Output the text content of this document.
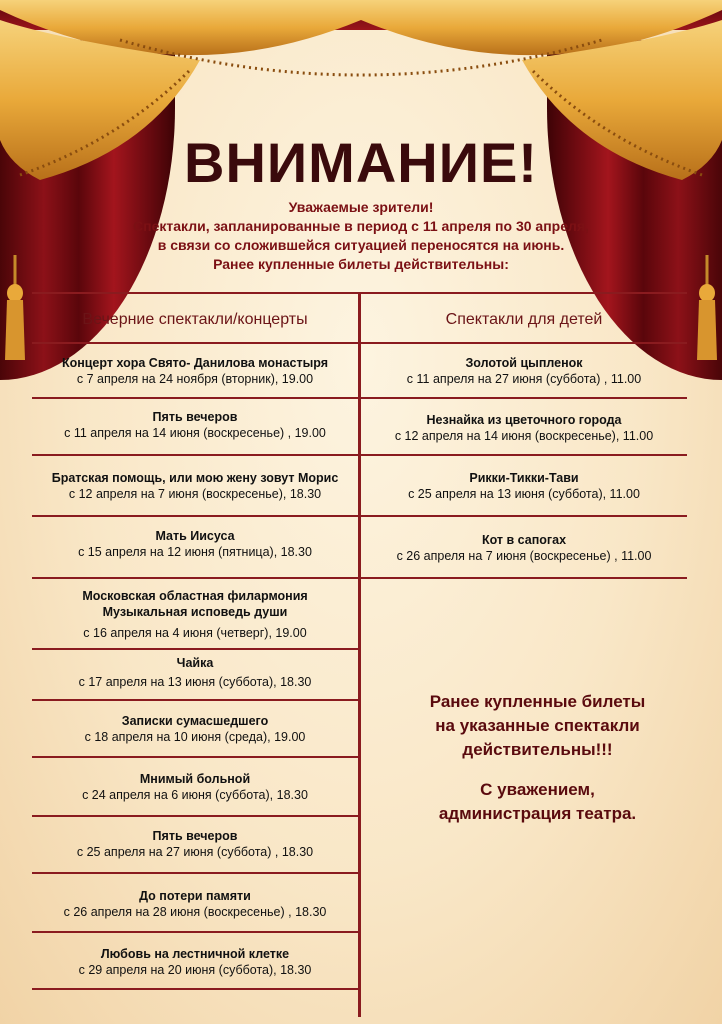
ВНИМАНИЕ!
Уважаемые зрители!
Спектакли, запланированные в период с 11 апреля по 30 апреля,
в связи со сложившейся ситуацией переносятся на июнь.
Ранее купленные билеты действительны:
Вечерние спектакли/концерты	Спектакли для детей
Концерт хора Свято- Данилова монастыря
с 7 апреля на 24 ноября (вторник), 19.00
Пять вечеров
с 11 апреля на 14 июня (воскресенье) , 19.00
Братская помощь, или мою жену зовут Морис
с 12 апреля на 7 июня (воскресенье), 18.30
Мать Иисуса
с 15 апреля на 12 июня (пятница), 18.30
Московская областная филармония
Музыкальная исповедь души
с 16 апреля на 4 июня (четверг), 19.00
Чайка
с 17 апреля на 13 июня (суббота), 18.30
Записки сумасшедшего
с 18 апреля на 10 июня (среда), 19.00
Мнимый больной
с 24 апреля на 6 июня (суббота), 18.30
Пять вечеров
с 25 апреля на 27 июня (суббота) , 18.30
До потери памяти
с 26 апреля на 28 июня (воскресенье) , 18.30
Любовь на лестничной клетке
с 29 апреля на 20 июня (суббота), 18.30
Золотой цыпленок
с 11 апреля на 27 июня (суббота) , 11.00
Незнайка из цветочного города
с 12 апреля на 14 июня (воскресенье), 11.00
Рикки-Тикки-Тави
с 25 апреля на 13 июня (суббота), 11.00
Кот в сапогах
с 26 апреля на 7 июня (воскресенье) , 11.00
Ранее купленные билеты
на указанные спектакли
действительны!!!
С уважением,
администрация театра.
